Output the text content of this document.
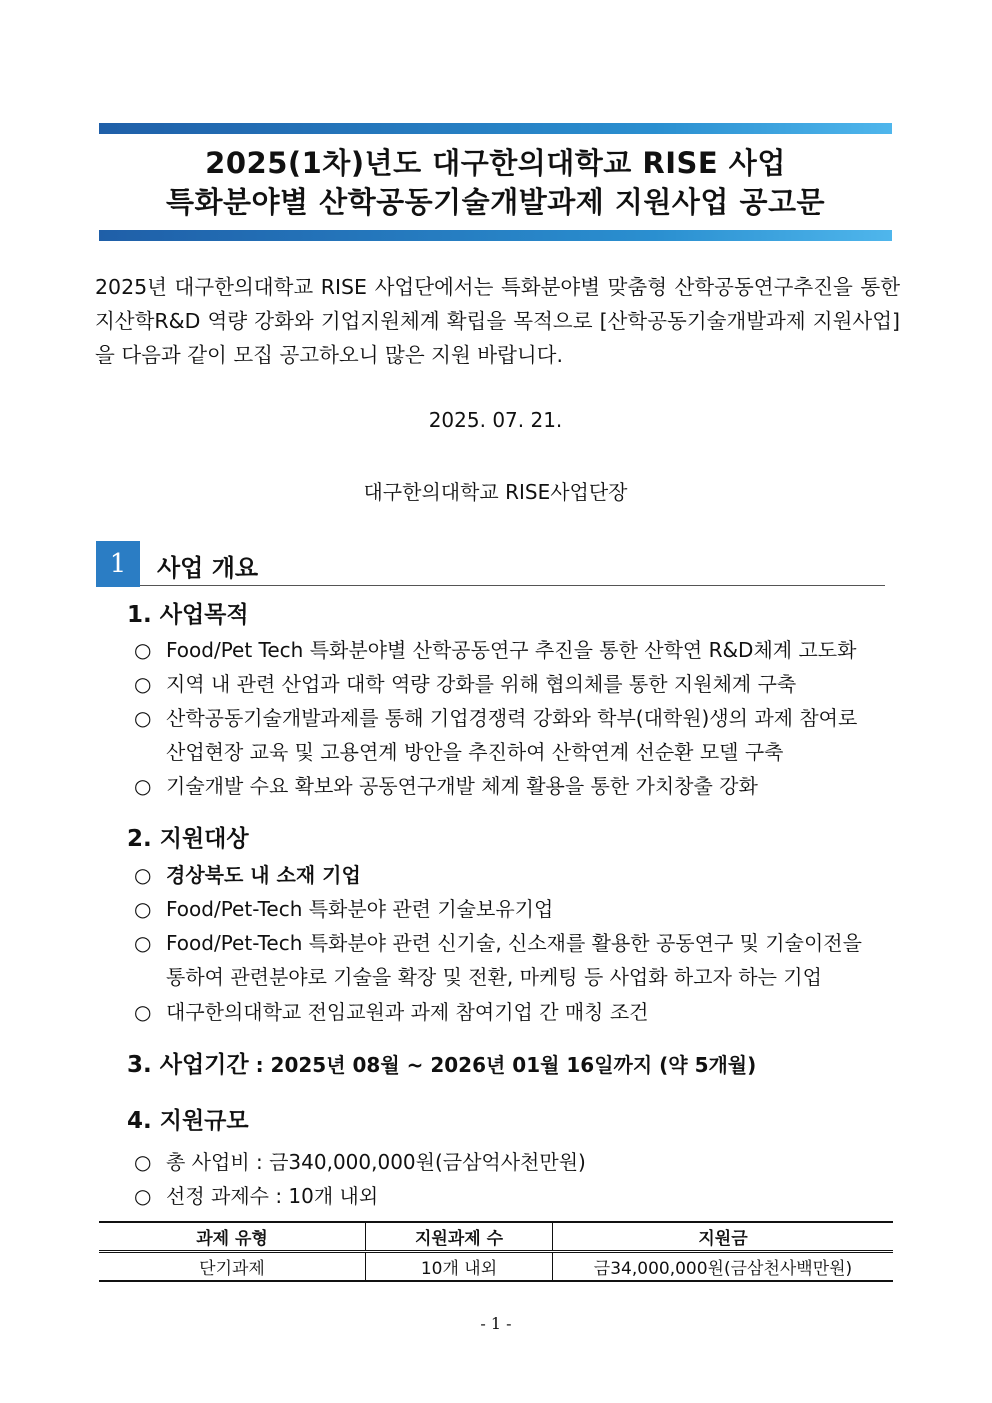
2025(1차)년도 대구한의대학교 RISE 사업
특화분야별 산학공동기술개발과제 지원사업 공고문
2025년 대구한의대학교 RISE 사업단에서는 특화분야별 맞춤형 산학공동연구추진을 통한 지산학R&D 역량 강화와 기업지원체계 확립을 목적으로 [산학공동기술개발과제 지원사업]을 다음과 같이 모집 공고하오니 많은 지원 바랍니다.
2025. 07. 21.
대구한의대학교 RISE사업단장
1	사업 개요
1. 사업목적
○ Food/Pet Tech 특화분야별 산학공동연구 추진을 통한 산학연 R&D체계 고도화
○ 지역 내 관련 산업과 대학 역량 강화를 위해 협의체를 통한 지원체계 구축
○ 산학공동기술개발과제를 통해 기업경쟁력 강화와 학부(대학원)생의 과제 참여로
산업현장 교육 및 고용연계 방안을 추진하여 산학연계 선순환 모델 구축
○ 기술개발 수요 확보와 공동연구개발 체계 활용을 통한 가치창출 강화
2. 지원대상
○ 경상북도 내 소재 기업
○ Food/Pet-Tech 특화분야 관련 기술보유기업
○ Food/Pet-Tech 특화분야 관련 신기술, 신소재를 활용한 공동연구 및 기술이전을
통하여 관련분야로 기술을 확장 및 전환, 마케팅 등 사업화 하고자 하는 기업
○ 대구한의대학교 전임교원과 과제 참여기업 간 매칭 조건
3. 사업기간 : 2025년 08월 ~ 2026년 01월 16일까지 (약 5개월)
4. 지원규모
○ 총 사업비 : 금340,000,000원(금삼억사천만원)
○ 선정 과제수 : 10개 내외
과제 유형	지원과제 수	지원금
단기과제	10개 내외	금34,000,000원(금삼천사백만원)
- 1 -
